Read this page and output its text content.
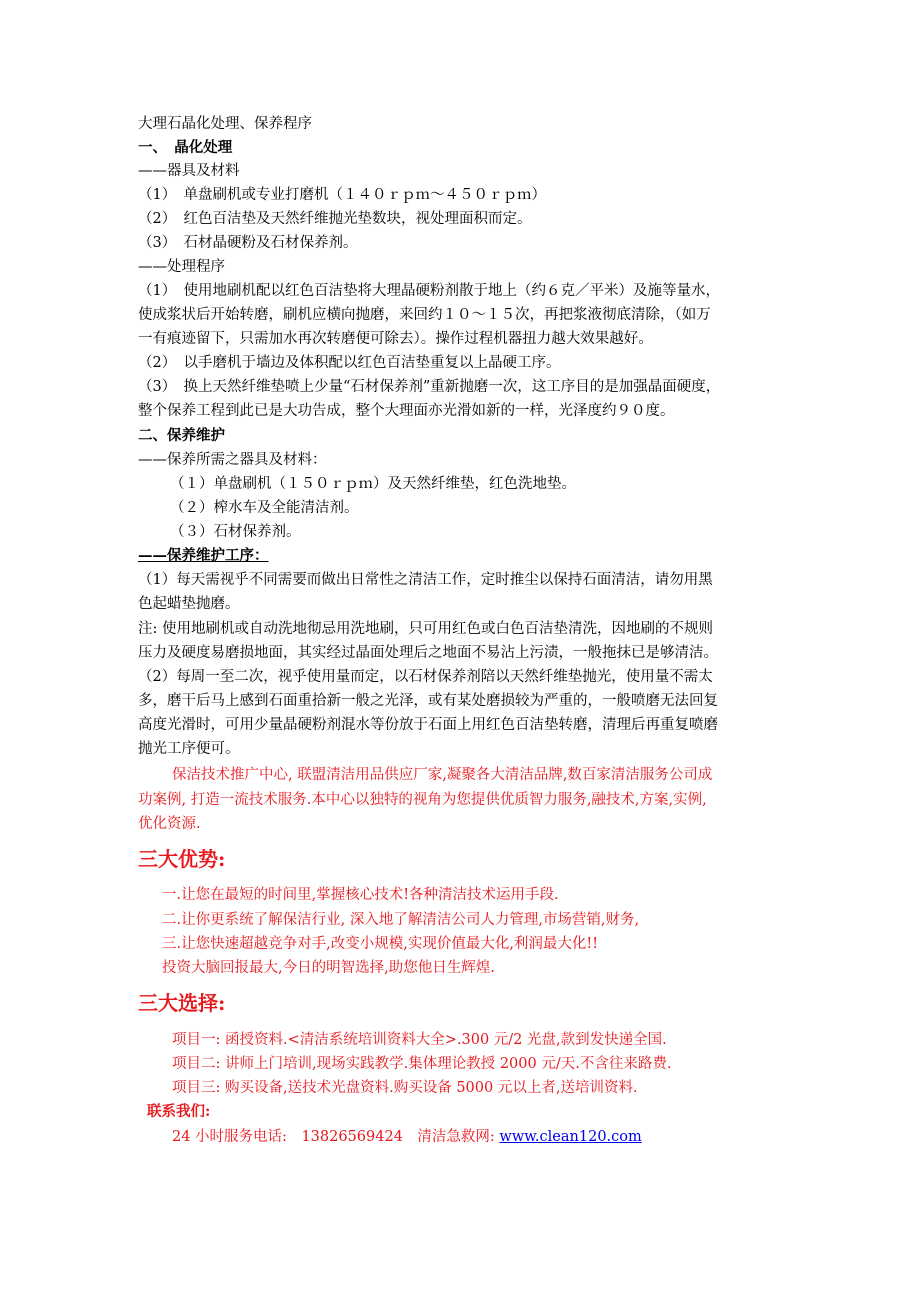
大理石晶化处理、保养程序
一、　晶化处理
——器具及材料
（1）　单盘刷机或专业打磨机（１４０ｒｐｍ～４５０ｒｐｍ）
（2）　红色百洁垫及天然纤维抛光垫数块，视处理面积而定。
（3）　石材晶硬粉及石材保养剂。
——处理程序
（1）　使用地刷机配以红色百洁垫将大理晶硬粉剂散于地上（约６克／平米）及施等量水，
使成浆状后开始转磨，刷机应横向抛磨，来回约１０～１５次，再把浆液彻底清除，（如万
一有痕迹留下，只需加水再次转磨便可除去）。操作过程机器扭力越大效果越好。
（2）　以手磨机于墙边及体积配以红色百洁垫重复以上晶硬工序。
（3）　换上天然纤维垫喷上少量“石材保养剂”重新抛磨一次，这工序目的是加强晶面硬度，
整个保养工程到此已是大功告成，整个大理面亦光滑如新的一样，光泽度约９０度。
二、保养维护
——保养所需之器具及材料：
（１）单盘刷机（１５０ｒｐｍ）及天然纤维垫，红色洗地垫。
（２）榨水车及全能清洁剂。
（３）石材保养剂。
——保养维护工序：
（1）每天需视乎不同需要而做出日常性之清洁工作，定时推尘以保持石面清洁，请勿用黑
色起蜡垫抛磨。
注: 使用地刷机或自动洗地彻忌用洗地刷，只可用红色或白色百洁垫清洗，因地刷的不规则
压力及硬度易磨损地面，其实经过晶面处理后之地面不易沾上污渍，一般拖抹已是够清洁。
（2）每周一至二次，视乎使用量而定，以石材保养剂陪以天然纤维垫抛光，使用量不需太
多，磨干后马上感到石面重拾新一般之光泽，或有某处磨损较为严重的，一般喷磨无法回复
高度光滑时，可用少量晶硬粉剂混水等份放于石面上用红色百洁垫转磨，清理后再重复喷磨
抛光工序便可。
保洁技术推广中心, 联盟清洁用品供应厂家,凝聚各大清洁品牌,数百家清洁服务公司成
功案例, 打造一流技术服务.本中心以独特的视角为您提供优质智力服务,融技术,方案,实例,
优化资源.
三大优势:
一.让您在最短的时间里,掌握核心技术!各种清洁技术运用手段.
二.让你更系统了解保洁行业, 深入地了解清洁公司人力管理,市场营销,财务,
三.让您快速超越竞争对手,改变小规模,实现价值最大化,利润最大化!!
投资大脑回报最大,今日的明智选择,助您他日生辉煌.
三大选择:
项目一: 函授资料.<清洁系统培训资料大全>.300 元/2 光盘,款到发快递全国.
项目二: 讲师上门培训,现场实践教学.集体理论教授 2000 元/天.不含往来路费.
项目三: 购买设备,送技术光盘资料.购买设备 5000 元以上者,送培训资料.
联系我们:
24 小时服务电话:　13826569424　清洁急救网: www.clean120.com
